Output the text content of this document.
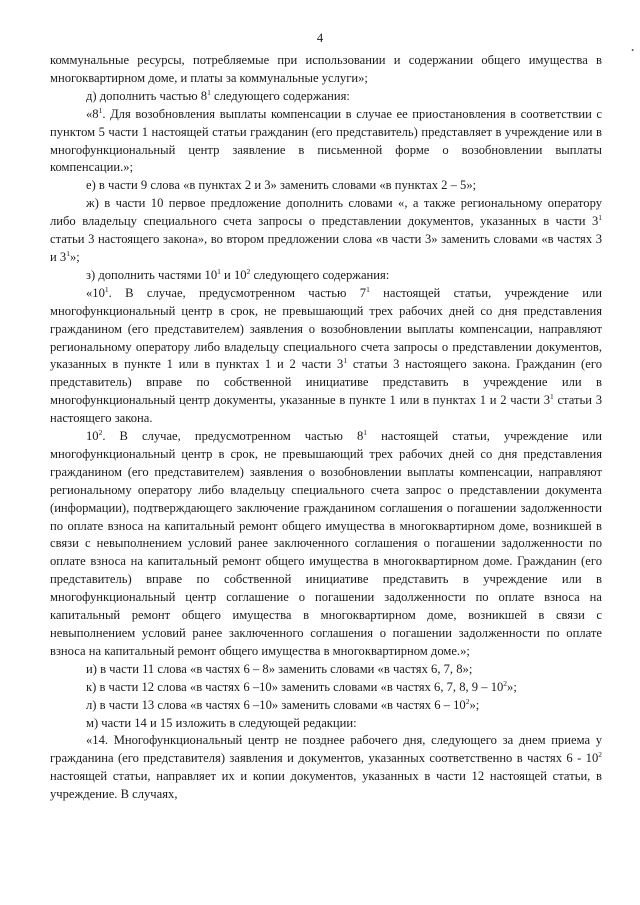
4
•

коммунальные ресурсы, потребляемые при использовании и содержании общего имущества в многоквартирном доме, и платы за коммунальные услуги»;

д) дополнить частью $8^1$ следующего содержания:

«$8^1$. Для возобновления выплаты компенсации в случае ее приостановления в соответствии с пунктом 5 части 1 настоящей статьи гражданин (его представитель) представляет в учреждение или в многофункциональный центр заявление в письменной форме о возобновлении выплаты компенсации.»;

е) в части 9 слова «в пунктах 2 и 3» заменить словами «в пунктах 2 – 5»;

ж) в части 10 первое предложение дополнить словами «, а также региональному оператору либо владельцу специального счета запросы о представлении документов, указанных в части $3^1$ статьи 3 настоящего закона», во втором предложении слова «в части 3» заменить словами «в частях 3 и $3^1$»;

з) дополнить частями $10^1$ и $10^2$ следующего содержания:

«$10^1$. В случае, предусмотренном частью $7^1$ настоящей статьи, учреждение или многофункциональный центр в срок, не превышающий трех рабочих дней со дня представления гражданином (его представителем) заявления о возобновлении выплаты компенсации, направляют региональному оператору либо владельцу специального счета запросы о представлении документов, указанных в пункте 1 или в пунктах 1 и 2 части $3^1$ статьи 3 настоящего закона. Гражданин (его представитель) вправе по собственной инициативе представить в учреждение или в многофункциональный центр документы, указанные в пункте 1 или в пунктах 1 и 2 части $3^1$ статьи 3 настоящего закона.

$10^2$. В случае, предусмотренном частью $8^1$ настоящей статьи, учреждение или многофункциональный центр в срок, не превышающий трех рабочих дней со дня представления гражданином (его представителем) заявления о возобновлении выплаты компенсации, направляют региональному оператору либо владельцу специального счета запрос о представлении документа (информации), подтверждающего заключение гражданином соглашения о погашении задолженности по оплате взноса на капитальный ремонт общего имущества в многоквартирном доме, возникшей в связи с невыполнением условий ранее заключенного соглашения о погашении задолженности по оплате взноса на капитальный ремонт общего имущества в многоквартирном доме. Гражданин (его представитель) вправе по собственной инициативе представить в учреждение или в многофункциональный центр соглашение о погашении задолженности по оплате взноса на капитальный ремонт общего имущества в многоквартирном доме, возникшей в связи с невыполнением условий ранее заключенного соглашения о погашении задолженности по оплате взноса на капитальный ремонт общего имущества в многоквартирном доме.»;

и) в части 11 слова «в частях 6 – 8» заменить словами «в частях 6, 7, 8»;

к) в части 12 слова «в частях 6 –10» заменить словами «в частях 6, 7, 8, $9 - 10^2$»;

л) в части 13 слова «в частях 6 –10» заменить словами «в частях $6 - 10^2$»;

м) части 14 и 15 изложить в следующей редакции:

«14. Многофункциональный центр не позднее рабочего дня, следующего за днем приема у гражданина (его представителя) заявления и документов, указанных соответственно в частях $6 - 10^2$ настоящей статьи, направляет их и копии документов, указанных в части 12 настоящей статьи, в учреждение. В случаях,
